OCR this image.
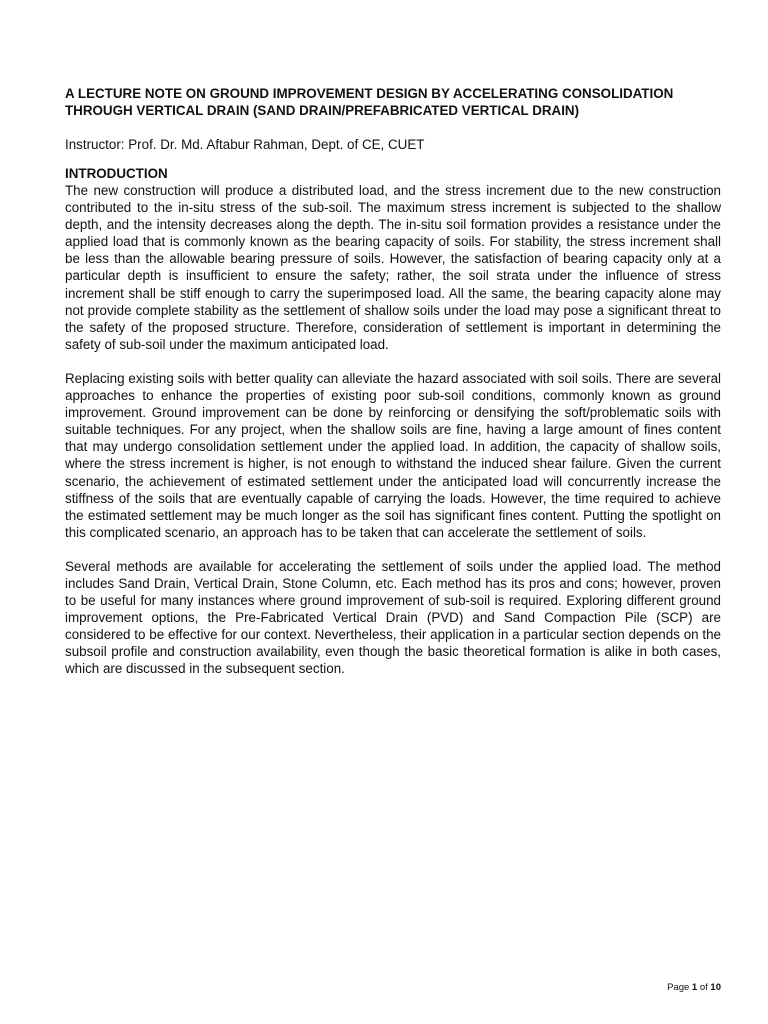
A LECTURE NOTE ON GROUND IMPROVEMENT DESIGN BY ACCELERATING CONSOLIDATION THROUGH VERTICAL DRAIN (SAND DRAIN/PREFABRICATED VERTICAL DRAIN)

Instructor: Prof. Dr. Md. Aftabur Rahman, Dept. of CE, CUET

INTRODUCTION

The new construction will produce a distributed load, and the stress increment due to the new construction contributed to the in-situ stress of the sub-soil. The maximum stress increment is subjected to the shallow depth, and the intensity decreases along the depth. The in-situ soil formation provides a resistance under the applied load that is commonly known as the bearing capacity of soils. For stability, the stress increment shall be less than the allowable bearing pressure of soils. However, the satisfaction of bearing capacity only at a particular depth is insufficient to ensure the safety; rather, the soil strata under the influence of stress increment shall be stiff enough to carry the superimposed load. All the same, the bearing capacity alone may not provide complete stability as the settlement of shallow soils under the load may pose a significant threat to the safety of the proposed structure. Therefore, consideration of settlement is important in determining the safety of sub-soil under the maximum anticipated load.

Replacing existing soils with better quality can alleviate the hazard associated with soil soils. There are several approaches to enhance the properties of existing poor sub-soil conditions, commonly known as ground improvement. Ground improvement can be done by reinforcing or densifying the soft/problematic soils with suitable techniques. For any project, when the shallow soils are fine, having a large amount of fines content that may undergo consolidation settlement under the applied load. In addition, the capacity of shallow soils, where the stress increment is higher, is not enough to withstand the induced shear failure. Given the current scenario, the achievement of estimated settlement under the anticipated load will concurrently increase the stiffness of the soils that are eventually capable of carrying the loads. However, the time required to achieve the estimated settlement may be much longer as the soil has significant fines content. Putting the spotlight on this complicated scenario, an approach has to be taken that can accelerate the settlement of soils.

Several methods are available for accelerating the settlement of soils under the applied load. The method includes Sand Drain, Vertical Drain, Stone Column, etc. Each method has its pros and cons; however, proven to be useful for many instances where ground improvement of sub-soil is required. Exploring different ground improvement options, the Pre-Fabricated Vertical Drain (PVD) and Sand Compaction Pile (SCP) are considered to be effective for our context. Nevertheless, their application in a particular section depends on the subsoil profile and construction availability, even though the basic theoretical formation is alike in both cases, which are discussed in the subsequent section.

Page 1 of 10
